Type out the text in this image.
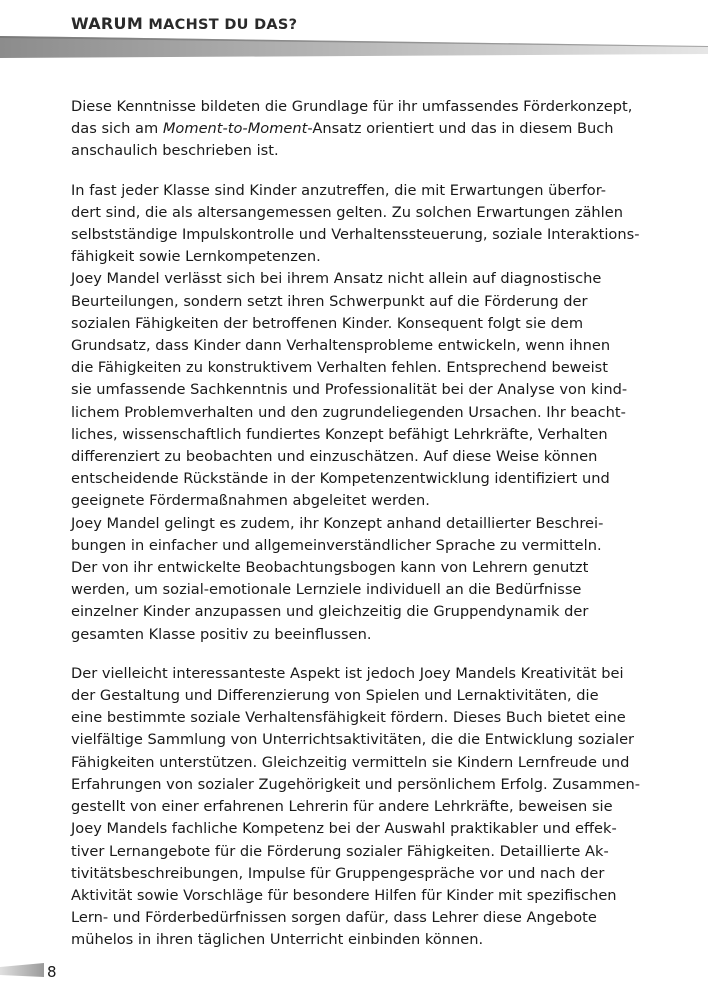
WARUM MACHST DU DAS?

Diese Kenntnisse bildeten die Grundlage für ihr umfassendes Förderkonzept,

das sich am Moment-to-Moment-Ansatz orientiert und das in diesem Buch

anschaulich beschrieben ist.

In fast jeder Klasse sind Kinder anzutreffen, die mit Erwartungen überfor-

dert sind, die als altersangemessen gelten. Zu solchen Erwartungen zählen

selbstständige Impulskontrolle und Verhaltenssteuerung, soziale Interaktions-

fähigkeit sowie Lernkompetenzen.

Joey Mandel verlässt sich bei ihrem Ansatz nicht allein auf diagnostische

Beurteilungen, sondern setzt ihren Schwerpunkt auf die Förderung der

sozialen Fähigkeiten der betroffenen Kinder. Konsequent folgt sie dem

Grundsatz, dass Kinder dann Verhaltensprobleme entwickeln, wenn ihnen

die Fähigkeiten zu konstruktivem Verhalten fehlen. Entsprechend beweist

sie umfassende Sachkenntnis und Professionalität bei der Analyse von kind-

lichem Problemverhalten und den zugrundeliegenden Ursachen. Ihr beacht-

liches, wissenschaftlich fundiertes Konzept befähigt Lehrkräfte, Verhalten

differenziert zu beobachten und einzuschätzen. Auf diese Weise können

entscheidende Rückstände in der Kompetenzentwicklung identifiziert und

geeignete Fördermaßnahmen abgeleitet werden.

Joey Mandel gelingt es zudem, ihr Konzept anhand detaillierter Beschrei-

bungen in einfacher und allgemeinverständlicher Sprache zu vermitteln.

Der von ihr entwickelte Beobachtungsbogen kann von Lehrern genutzt

werden, um sozial-emotionale Lernziele individuell an die Bedürfnisse

einzelner Kinder anzupassen und gleichzeitig die Gruppendynamik der

gesamten Klasse positiv zu beeinflussen.

Der vielleicht interessanteste Aspekt ist jedoch Joey Mandels Kreativität bei

der Gestaltung und Differenzierung von Spielen und Lernaktivitäten, die

eine bestimmte soziale Verhaltensfähigkeit fördern. Dieses Buch bietet eine

vielfältige Sammlung von Unterrichtsaktivitäten, die die Entwicklung sozialer

Fähigkeiten unterstützen. Gleichzeitig vermitteln sie Kindern Lernfreude und

Erfahrungen von sozialer Zugehörigkeit und persönlichem Erfolg. Zusammen-

gestellt von einer erfahrenen Lehrerin für andere Lehrkräfte, beweisen sie

Joey Mandels fachliche Kompetenz bei der Auswahl praktikabler und effek-

tiver Lernangebote für die Förderung sozialer Fähigkeiten. Detaillierte Ak-

tivitätsbeschreibungen, Impulse für Gruppengespräche vor und nach der

Aktivität sowie Vorschläge für besondere Hilfen für Kinder mit spezifischen

Lern- und Förderbedürfnissen sorgen dafür, dass Lehrer diese Angebote

mühelos in ihren täglichen Unterricht einbinden können.

8
